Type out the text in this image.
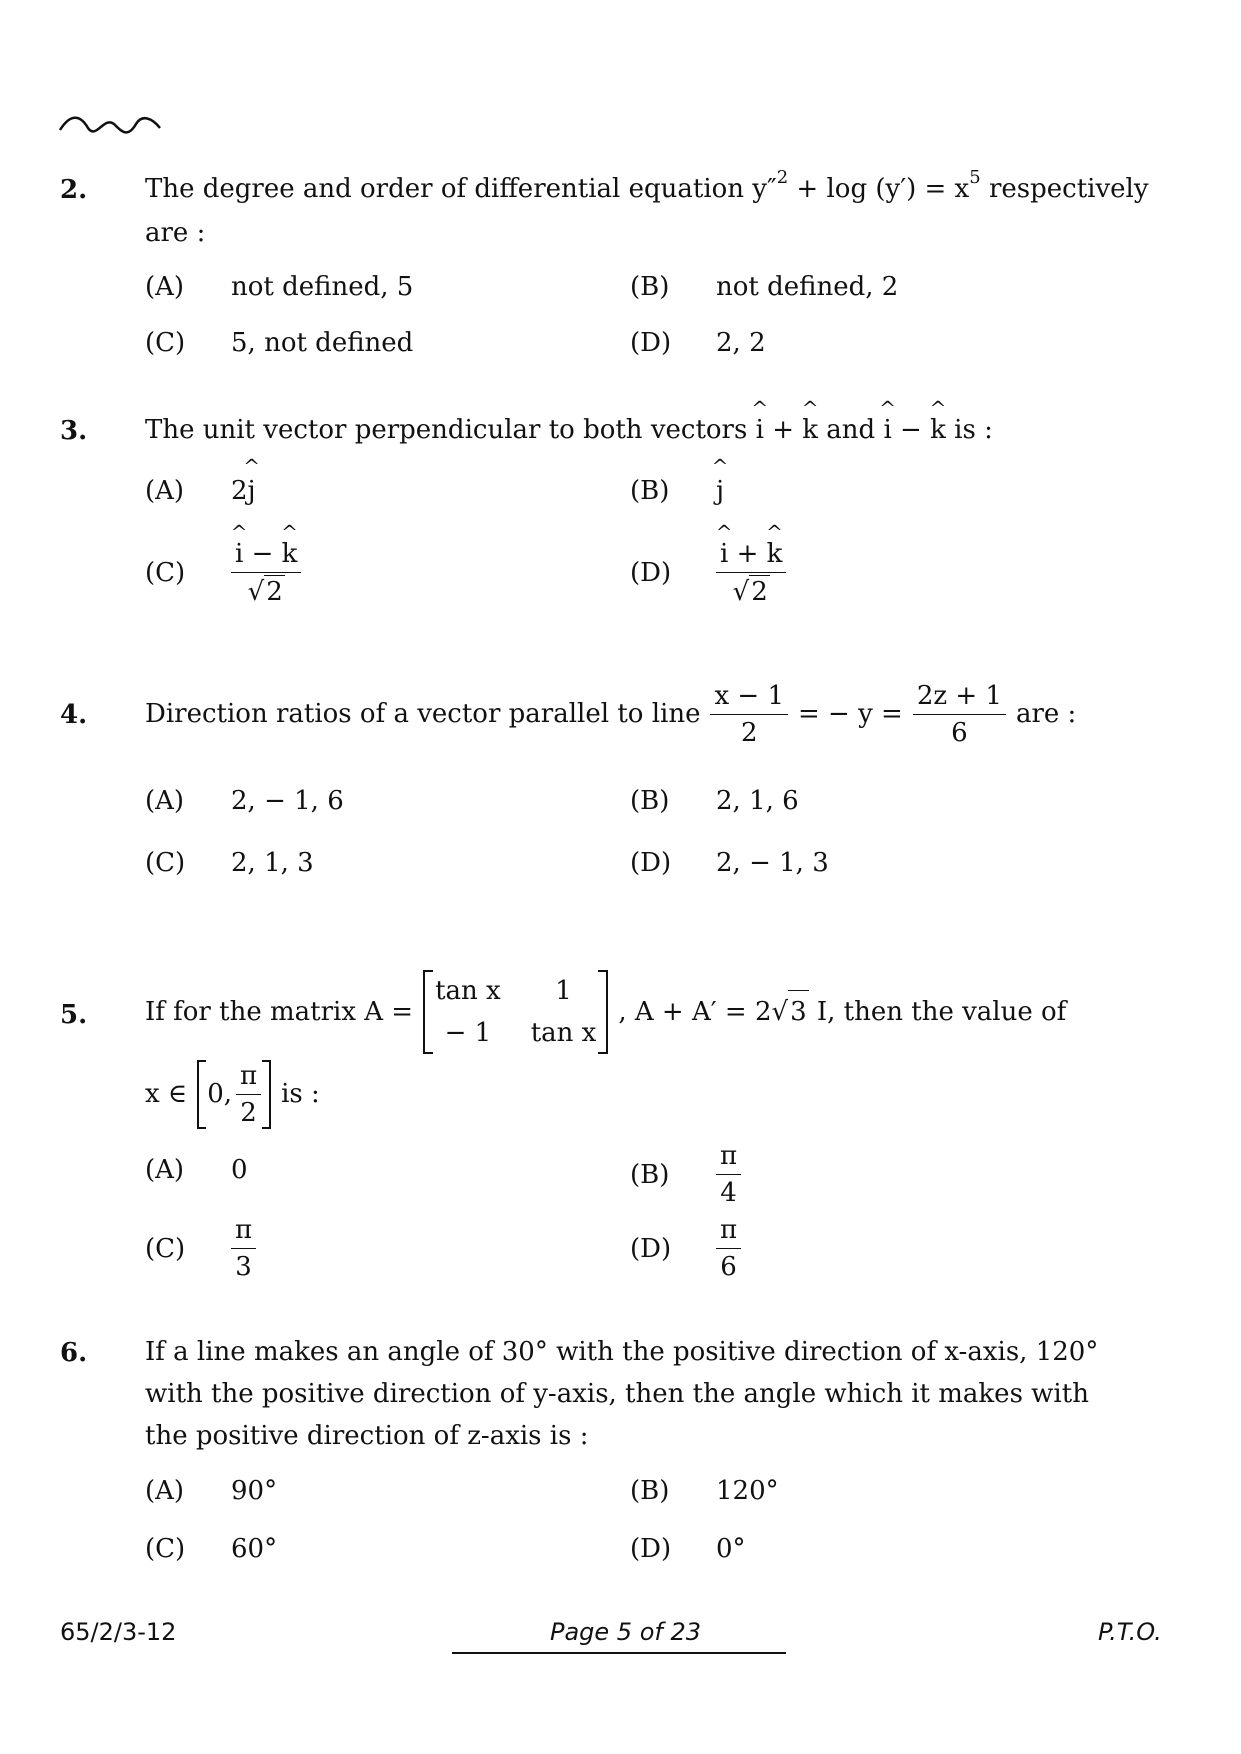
2. The degree and order of differential equation $y''^2 + \log (y') = x^5$ respectively
are :
(A)	not defined, 5	(B)	not defined, 2
(C)	5, not defined	(D)	2, 2
3. The unit vector perpendicular to both vectors ^ i + ^ k and ^ i − ^ k is :
(A)	2 ^ j	(B)	^ j
(C)	^ $\frac{i - \^{} k}{√ 2}$	(D)	^ $\frac{i + \^{} k}{√ 2}$
4. Direction ratios of a vector parallel to line $\frac{x - 1}{2}$ = − $y = \frac{2z + 1}{6}$ are :
(A)	2, − 1, 6	(B)	2, 1, 6
(C)	2, 1, 3	(D)	2, − 1, 3
5. If for the matrix A =
tan x	1
− 1	tan x
, A + A′ = 2 √ 3 I, then the value of
x ∈ 0, $\frac{\pi}{2}$ is :
(A)	0	(B)	$\frac{\pi}{4}$
(C)	$\frac{\pi}{3}$	(D)	$\frac{\pi}{6}$
6. If a line makes an angle of 30° with the positive direction of x-axis, 120°
with the positive direction of y-axis, then the angle which it makes with
the positive direction of z-axis is :
(A)	90°	(B)	120°
(C)	60°	(D)	0°
65/2/3-12	Page 5 of 23	P.T.O.
